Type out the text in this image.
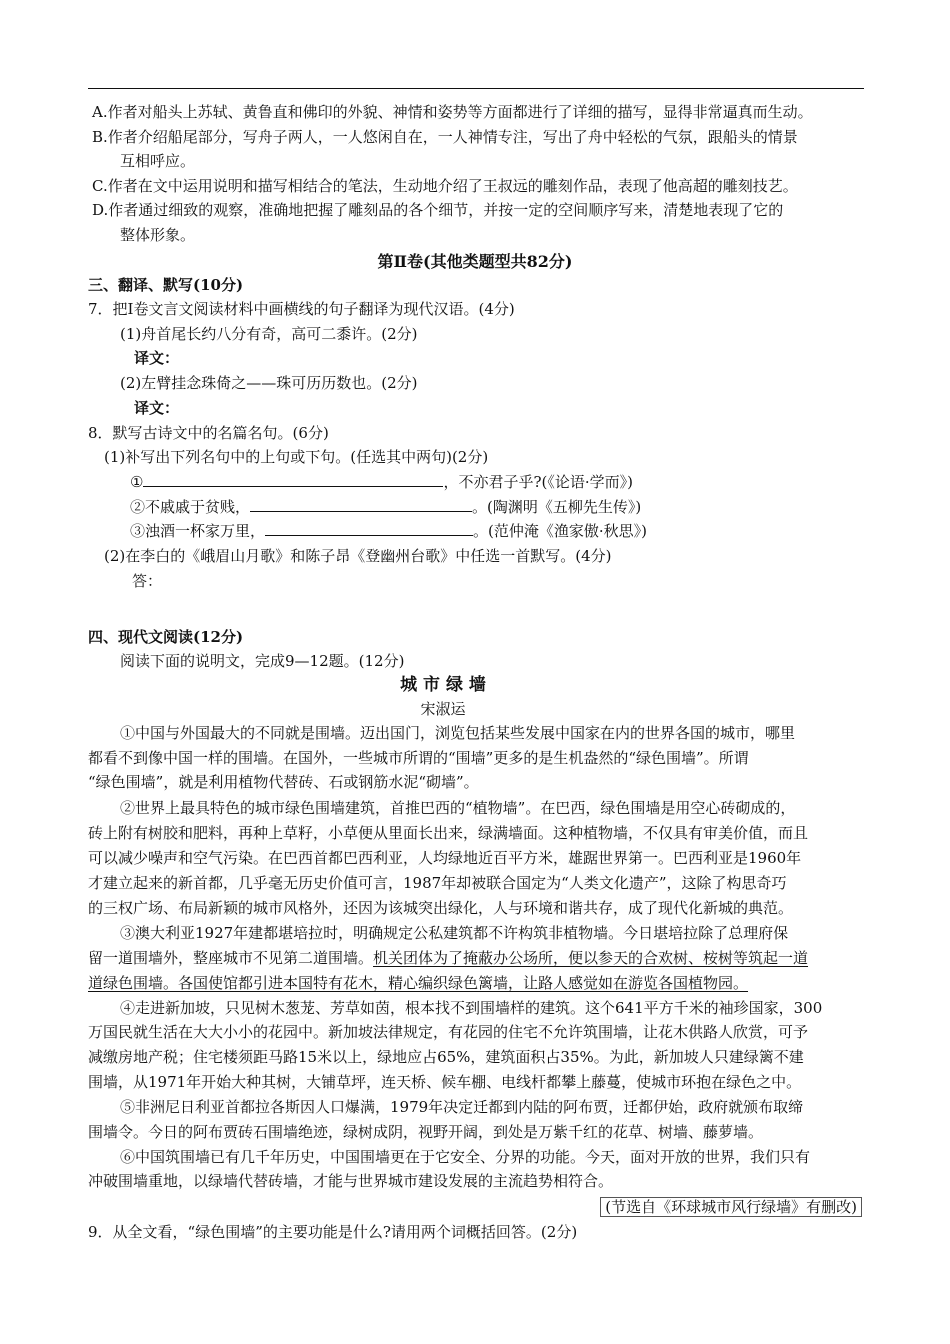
A.作者对船头上苏轼、黄鲁直和佛印的外貌、神情和姿势等方面都进行了详细的描写，显得非常逼真而生动。
B.作者介绍船尾部分，写舟子两人，一人悠闲自在，一人神情专注，写出了舟中轻松的气氛，跟船头的情景
互相呼应。
C.作者在文中运用说明和描写相结合的笔法，生动地介绍了王叔远的雕刻作品，表现了他高超的雕刻技艺。
D.作者通过细致的观察，准确地把握了雕刻品的各个细节，并按一定的空间顺序写来，清楚地表现了它的
整体形象。
第Ⅱ卷(其他类题型共82分)
三、翻译、默写(10分)
7．把Ⅰ卷文言文阅读材料中画横线的句子翻译为现代汉语。(4分)
(1)舟首尾长约八分有奇，高可二黍许。(2分)
译文：
(2)左臂挂念珠倚之——珠可历历数也。(2分)
译文：
8．默写古诗文中的名篇名句。(6分)
(1)补写出下列名句中的上句或下句。(任选其中两句)(2分)
①	，不亦君子乎?(《论语·学而》)
②不戚戚于贫贱，	。(陶渊明《五柳先生传》)
③浊酒一杯家万里，	。(范仲淹《渔家傲·秋思》)
(2)在李白的《峨眉山月歌》和陈子昂《登幽州台歌》中任选一首默写。(4分)
答：
四、现代文阅读(12分)
阅读下面的说明文，完成9—12题。(12分)
城 市 绿 墙
宋淑运
①中国与外国最大的不同就是围墙。迈出国门，浏览包括某些发展中国家在内的世界各国的城市，哪里
都看不到像中国一样的围墙。在国外，一些城市所谓的“围墙”更多的是生机盎然的“绿色围墙”。所谓
“绿色围墙”，就是利用植物代替砖、石或钢筋水泥“砌墙”。
②世界上最具特色的城市绿色围墙建筑，首推巴西的“植物墙”。在巴西，绿色围墙是用空心砖砌成的，
砖上附有树胶和肥料，再种上草籽，小草便从里面长出来，绿满墙面。这种植物墙，不仅具有审美价值，而且
可以减少噪声和空气污染。在巴西首都巴西利亚，人均绿地近百平方米，雄踞世界第一。巴西利亚是1960年
才建立起来的新首都，几乎毫无历史价值可言，1987年却被联合国定为“人类文化遗产”，这除了构思奇巧
的三权广场、布局新颖的城市风格外，还因为该城突出绿化，人与环境和谐共存，成了现代化新城的典范。
③澳大利亚1927年建都堪培拉时，明确规定公私建筑都不许构筑非植物墙。今日堪培拉除了总理府保
留一道围墙外，整座城市不见第二道围墙。机关团体为了掩蔽办公场所，便以参天的合欢树、桉树等筑起一道
道绿色围墙。各国使馆都引进本国特有花木，精心编织绿色篱墙，让路人感觉如在游览各国植物园。
④走进新加坡，只见树木葱茏、芳草如茵，根本找不到围墙样的建筑。这个641平方千米的袖珍国家，300
万国民就生活在大大小小的花园中。新加坡法律规定，有花园的住宅不允许筑围墙，让花木供路人欣赏，可予
减缴房地产税；住宅楼须距马路15米以上，绿地应占65%，建筑面积占35%。为此，新加坡人只建绿篱不建
围墙，从1971年开始大种其树，大铺草坪，连天桥、候车棚、电线杆都攀上藤蔓，使城市环抱在绿色之中。
⑤非洲尼日利亚首都拉各斯因人口爆满，1979年决定迁都到内陆的阿布贾，迁都伊始，政府就颁布取缔
围墙令。今日的阿布贾砖石围墙绝迹，绿树成阴，视野开阔，到处是万紫千红的花草、树墙、藤萝墙。
⑥中国筑围墙已有几千年历史，中国围墙更在于它安全、分界的功能。今天，面对开放的世界，我们只有
冲破围墙重地，以绿墙代替砖墙，才能与世界城市建设发展的主流趋势相符合。
(节选自《环球城市风行绿墙》有删改)
9．从全文看，“绿色围墙”的主要功能是什么?请用两个词概括回答。(2分)
